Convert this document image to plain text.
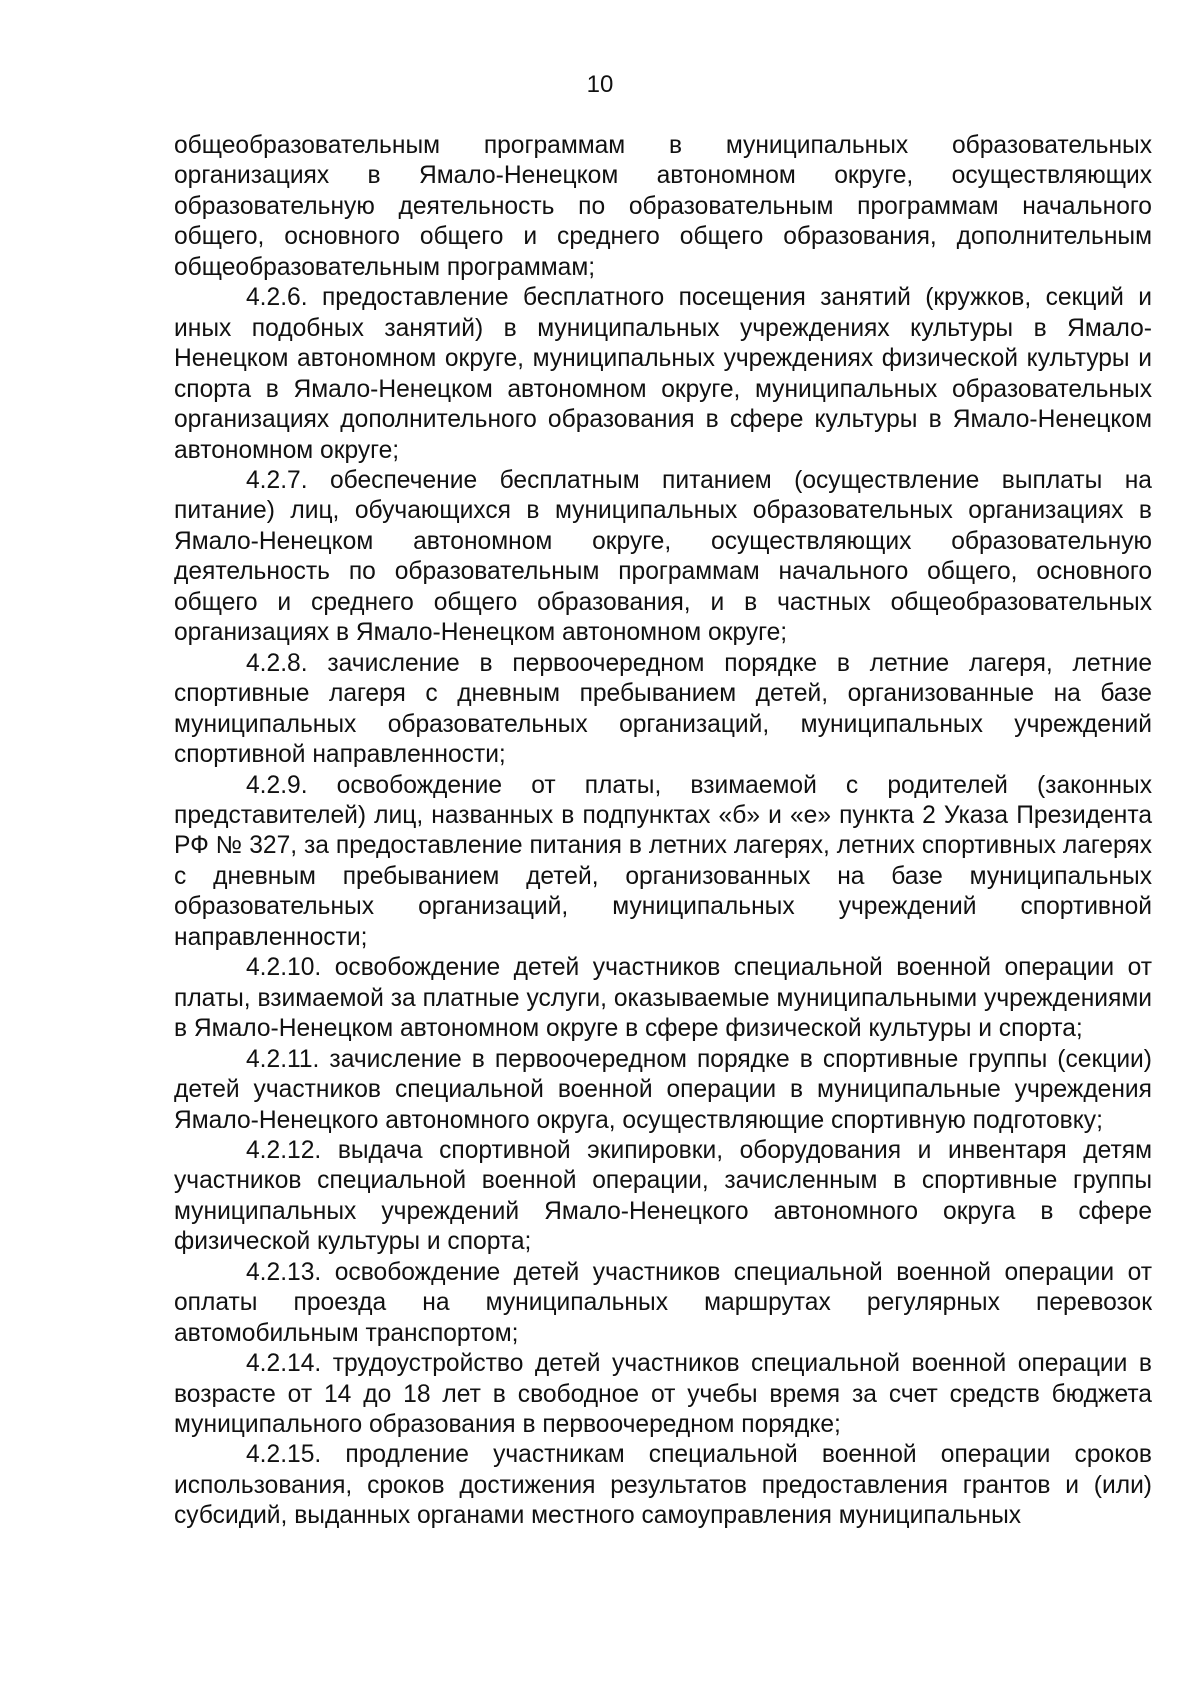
10

общеобразовательным программам в муниципальных образовательных организациях в Ямало-Ненецком автономном округе, осуществляющих образовательную деятельность по образовательным программам начального общего, основного общего и среднего общего образования, дополнительным общеобразовательным программам;

4.2.6. предоставление бесплатного посещения занятий (кружков, секций и иных подобных занятий) в муниципальных учреждениях культуры в Ямало-Ненецком автономном округе, муниципальных учреждениях физической культуры и спорта в Ямало-Ненецком автономном округе, муниципальных образовательных организациях дополнительного образования в сфере культуры в Ямало-Ненецком автономном округе;

4.2.7. обеспечение бесплатным питанием (осуществление выплаты на питание) лиц, обучающихся в муниципальных образовательных организациях в Ямало-Ненецком автономном округе, осуществляющих образовательную деятельность по образовательным программам начального общего, основного общего и среднего общего образования, и в частных общеобразовательных организациях в Ямало-Ненецком автономном округе;

4.2.8. зачисление в первоочередном порядке в летние лагеря, летние спортивные лагеря с дневным пребыванием детей, организованные на базе муниципальных образовательных организаций, муниципальных учреждений спортивной направленности;

4.2.9. освобождение от платы, взимаемой с родителей (законных представителей) лиц, названных в подпунктах «б» и «е» пункта 2 Указа Президента РФ № 327, за предоставление питания в летних лагерях, летних спортивных лагерях с дневным пребыванием детей, организованных на базе муниципальных образовательных организаций, муниципальных учреждений спортивной направленности;

4.2.10. освобождение детей участников специальной военной операции от платы, взимаемой за платные услуги, оказываемые муниципальными учреждениями в Ямало-Ненецком автономном округе в сфере физической культуры и спорта;

4.2.11. зачисление в первоочередном порядке в спортивные группы (секции) детей участников специальной военной операции в муниципальные учреждения Ямало-Ненецкого автономного округа, осуществляющие спортивную подготовку;

4.2.12. выдача спортивной экипировки, оборудования и инвентаря детям участников специальной военной операции, зачисленным в спортивные группы муниципальных учреждений Ямало-Ненецкого автономного округа в сфере физической культуры и спорта;

4.2.13. освобождение детей участников специальной военной операции от оплаты проезда на муниципальных маршрутах регулярных перевозок автомобильным транспортом;

4.2.14. трудоустройство детей участников специальной военной операции в возрасте от 14 до 18 лет в свободное от учебы время за счет средств бюджета муниципального образования в первоочередном порядке;

4.2.15. продление участникам специальной военной операции сроков использования, сроков достижения результатов предоставления грантов и (или) субсидий, выданных органами местного самоуправления муниципальных
